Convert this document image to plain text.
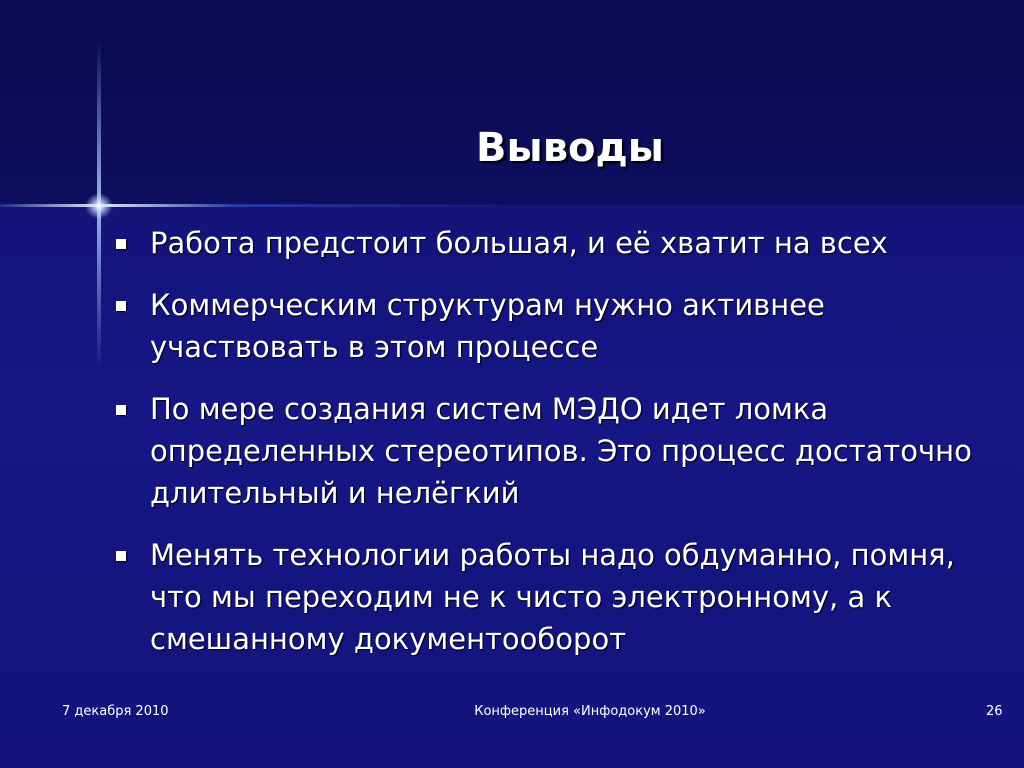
Выводы
Работа предстоит большая, и её хватит на всех
Коммерческим структурам нужно активнее участвовать в этом процессе
По мере создания систем МЭДО идет ломка определенных стереотипов. Это процесс достаточно длительный и нелёгкий
Менять технологии работы надо обдуманно, помня, что мы переходим не к чисто электронному, а к смешанному документооборот
7 декабря 2010	Конференция «Инфодокум 2010»	26
